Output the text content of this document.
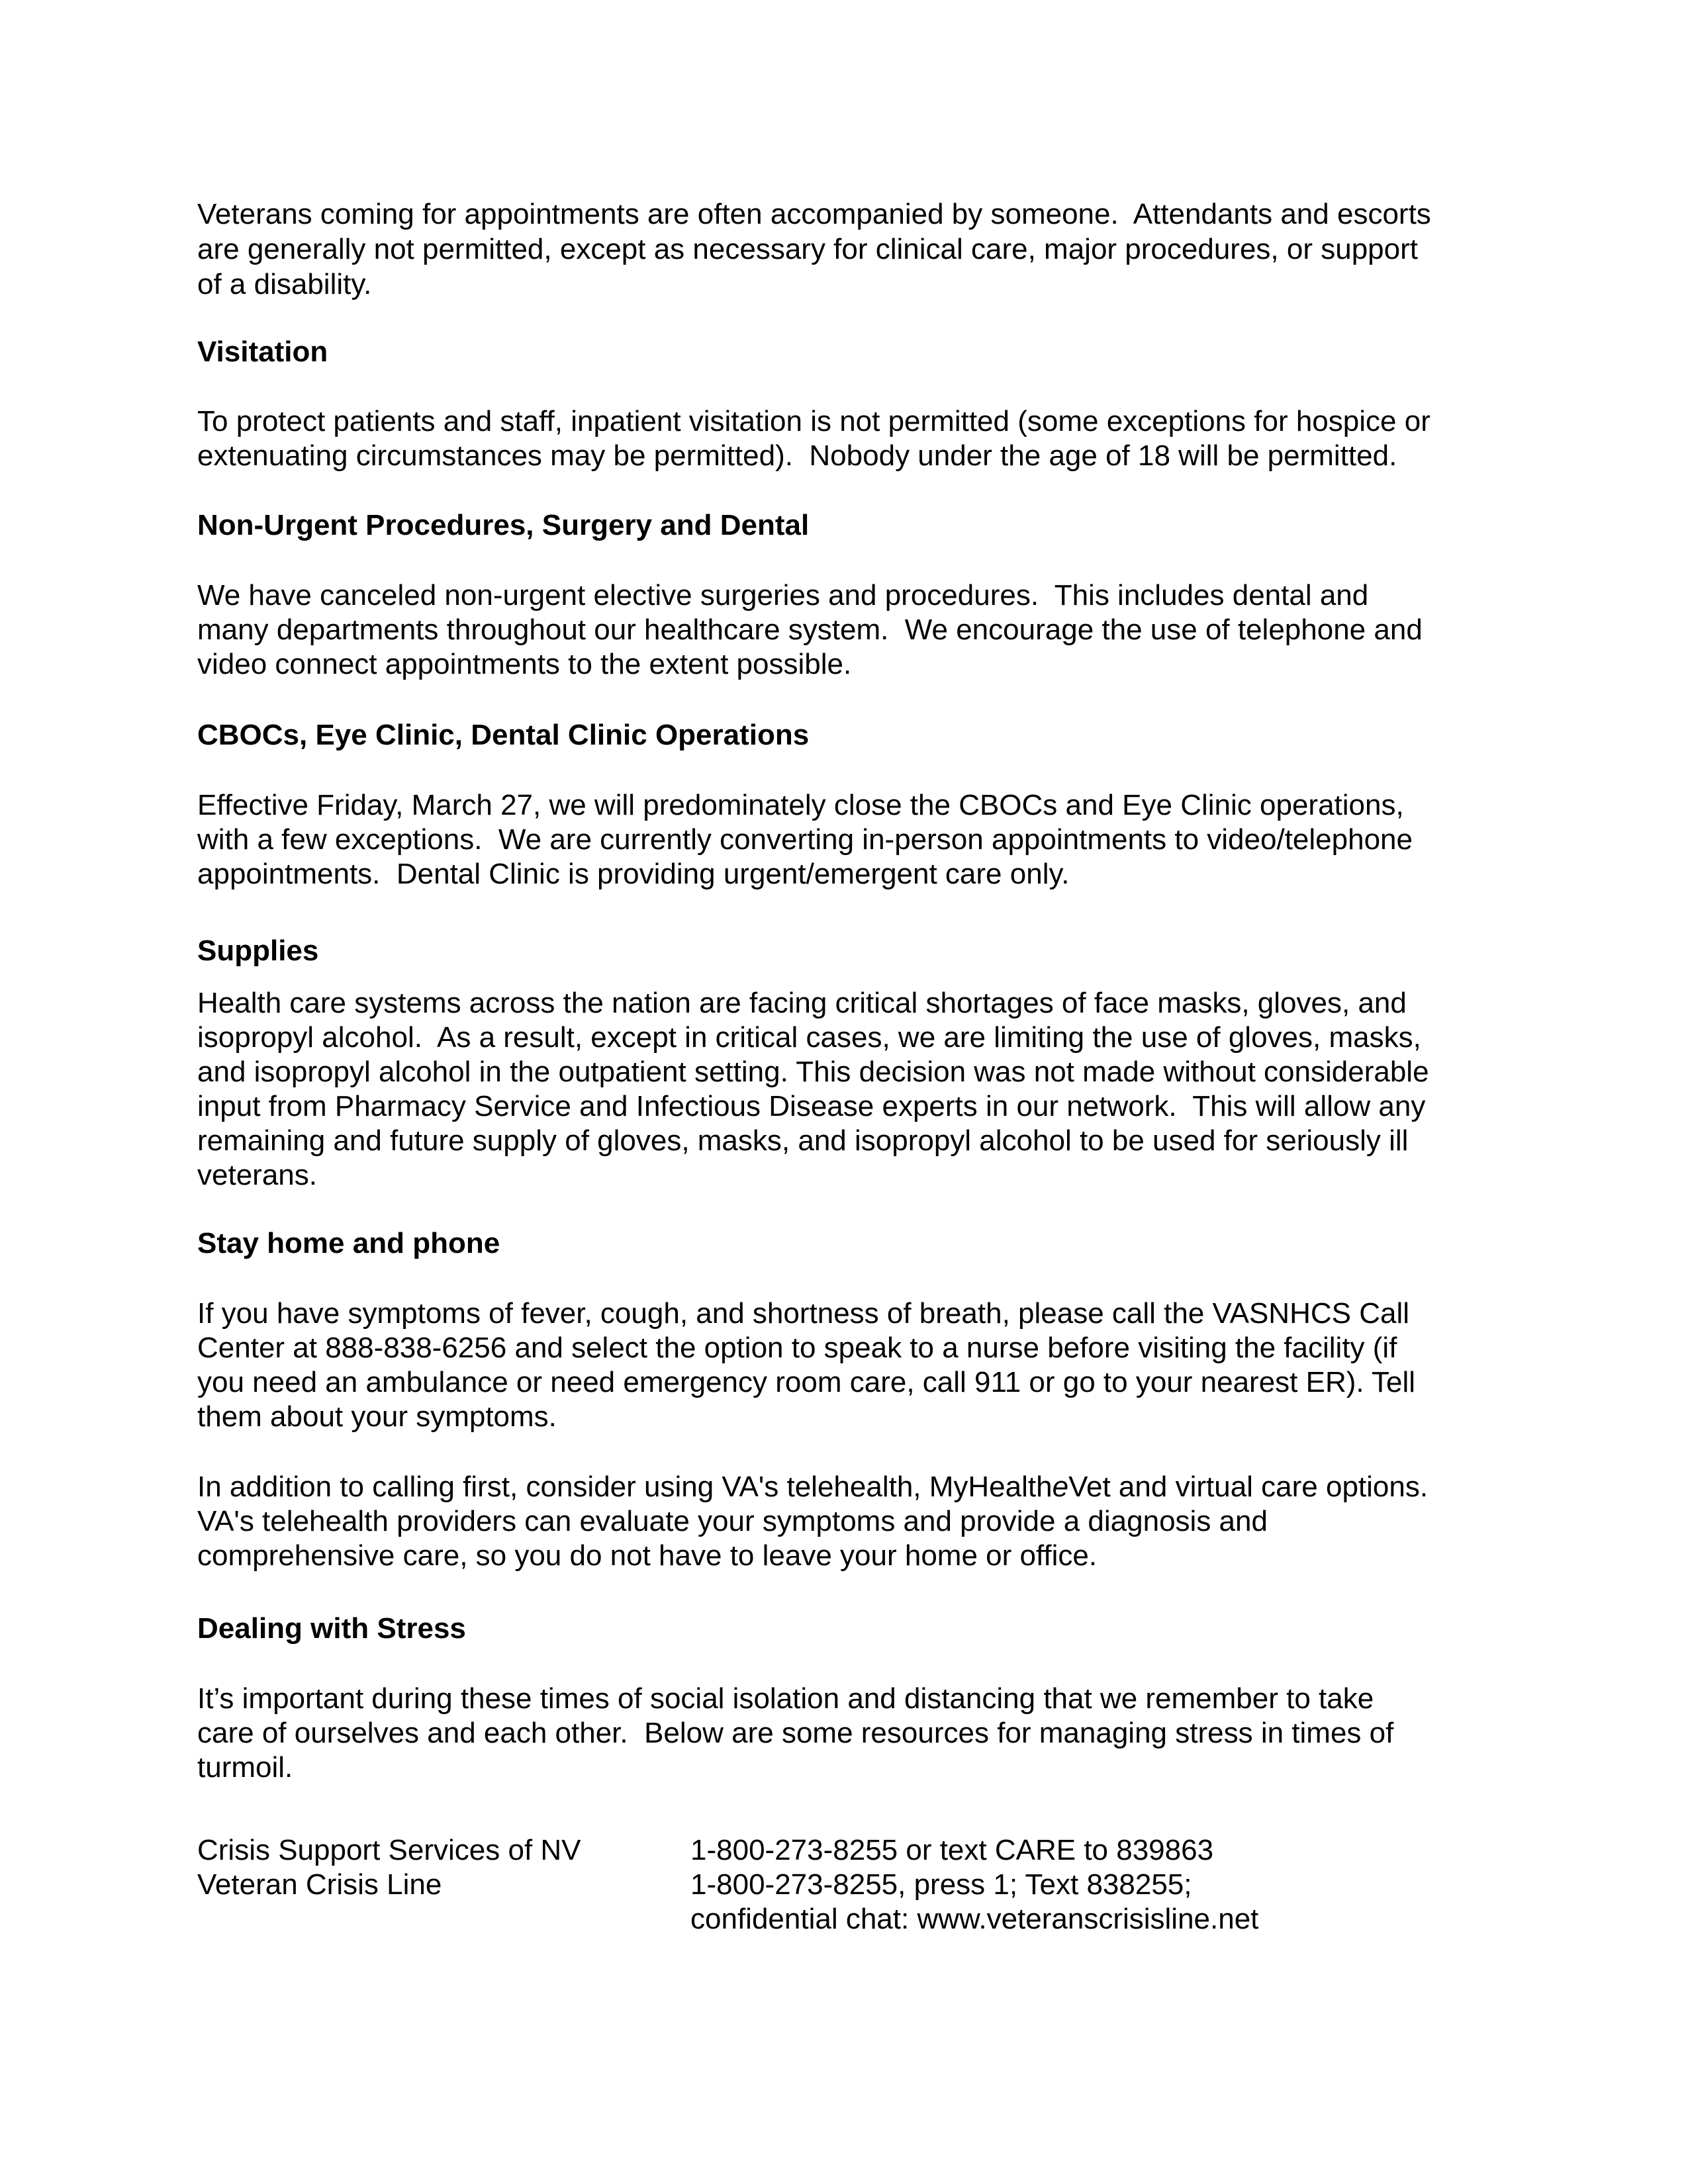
Veterans coming for appointments are often accompanied by someone.  Attendants and escorts
are generally not permitted, except as necessary for clinical care, major procedures, or support
of a disability.
Visitation
To protect patients and staff, inpatient visitation is not permitted (some exceptions for hospice or
extenuating circumstances may be permitted).  Nobody under the age of 18 will be permitted.
Non-Urgent Procedures, Surgery and Dental
We have canceled non-urgent elective surgeries and procedures.  This includes dental and
many departments throughout our healthcare system.  We encourage the use of telephone and
video connect appointments to the extent possible.
CBOCs, Eye Clinic, Dental Clinic Operations
Effective Friday, March 27, we will predominately close the CBOCs and Eye Clinic operations,
with a few exceptions.  We are currently converting in-person appointments to video/telephone
appointments.  Dental Clinic is providing urgent/emergent care only.
Supplies
Health care systems across the nation are facing critical shortages of face masks, gloves, and
isopropyl alcohol.  As a result, except in critical cases, we are limiting the use of gloves, masks,
and isopropyl alcohol in the outpatient setting. This decision was not made without considerable
input from Pharmacy Service and Infectious Disease experts in our network.  This will allow any
remaining and future supply of gloves, masks, and isopropyl alcohol to be used for seriously ill
veterans.
Stay home and phone
If you have symptoms of fever, cough, and shortness of breath, please call the VASNHCS Call
Center at 888-838-6256 and select the option to speak to a nurse before visiting the facility (if
you need an ambulance or need emergency room care, call 911 or go to your nearest ER). Tell
them about your symptoms.
In addition to calling first, consider using VA's telehealth, MyHealtheVet and virtual care options.
VA's telehealth providers can evaluate your symptoms and provide a diagnosis and
comprehensive care, so you do not have to leave your home or office.
Dealing with Stress
It’s important during these times of social isolation and distancing that we remember to take
care of ourselves and each other.  Below are some resources for managing stress in times of
turmoil.
Crisis Support Services of NV	1-800-273-8255 or text CARE to 839863
Veteran Crisis Line	1-800-273-8255, press 1; Text 838255;
confidential chat: www.veteranscrisisline.net
